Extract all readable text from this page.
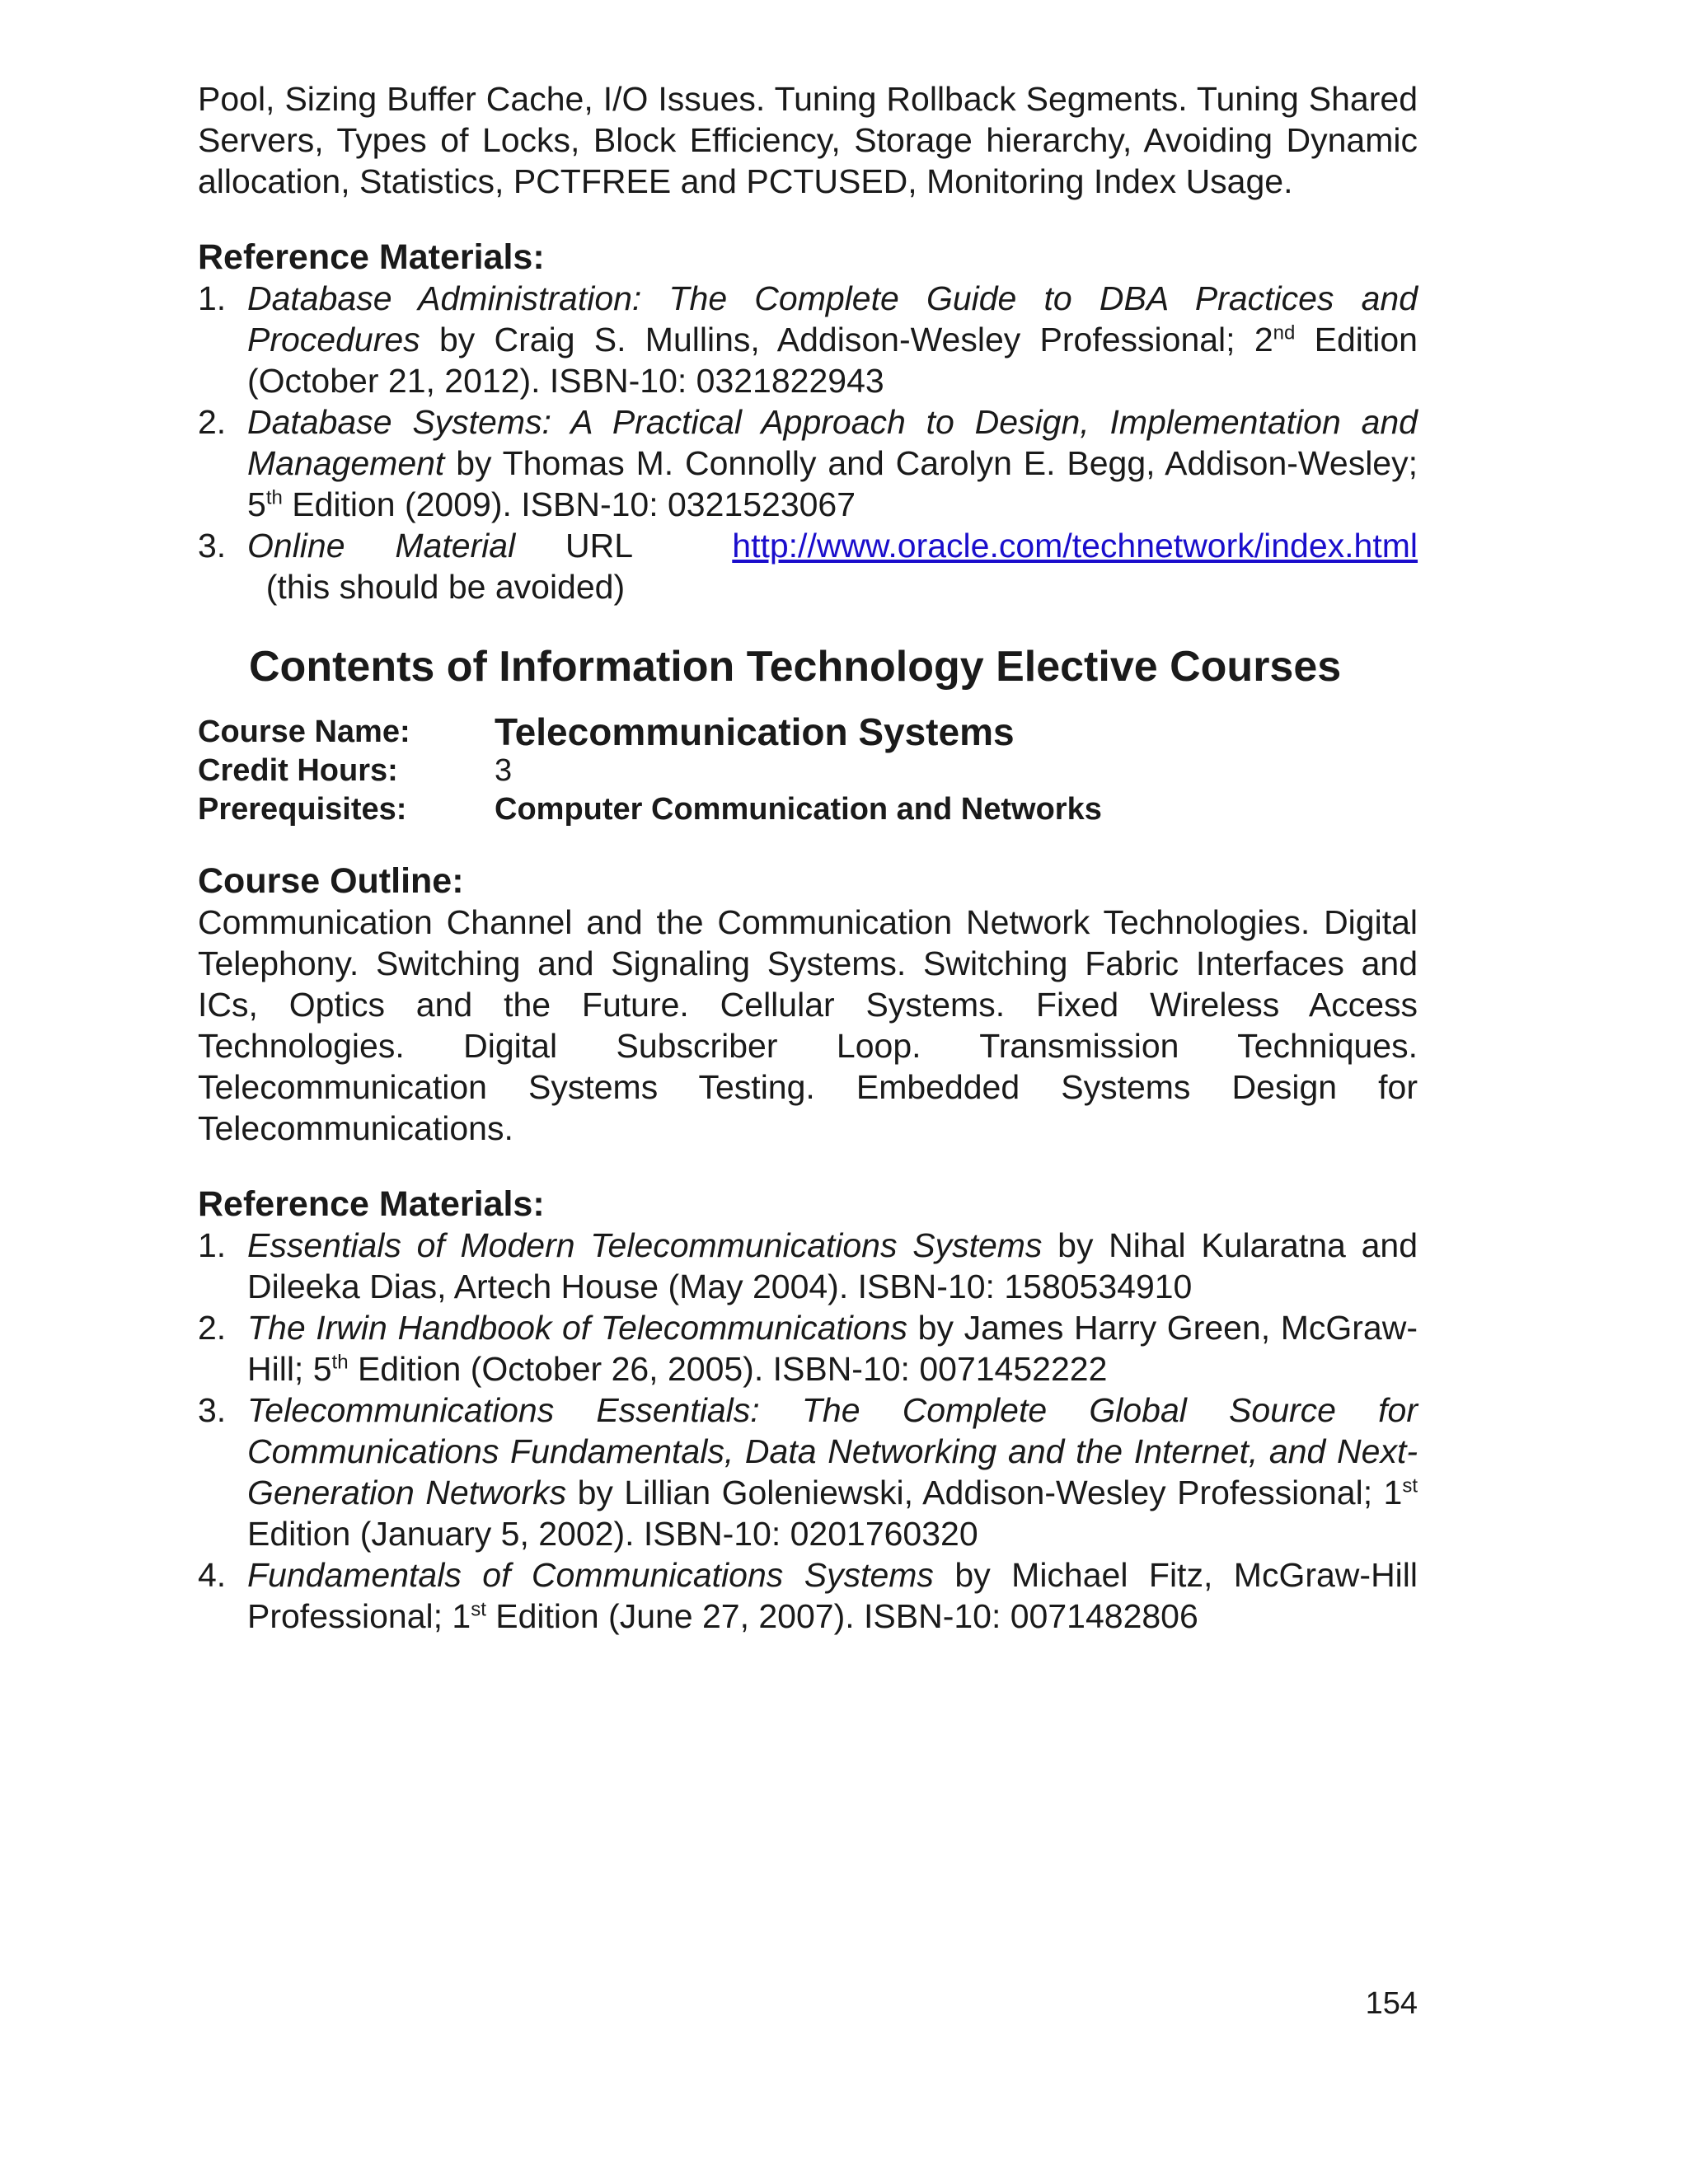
Pool, Sizing Buffer Cache, I/O Issues. Tuning Rollback Segments. Tuning Shared Servers, Types of Locks, Block Efficiency, Storage hierarchy, Avoiding Dynamic allocation, Statistics, PCTFREE and PCTUSED, Monitoring Index Usage.

Reference Materials:
1. Database Administration: The Complete Guide to DBA Practices and Procedures by Craig S. Mullins, Addison-Wesley Professional; 2nd Edition (October 21, 2012). ISBN-10: 0321822943
2. Database Systems: A Practical Approach to Design, Implementation and Management by Thomas M. Connolly and Carolyn E. Begg, Addison-Wesley; 5th Edition (2009). ISBN-10: 0321523067
3. Online Material URL  http://www.oracle.com/technetwork/index.html  (this should be avoided)
Contents of Information Technology Elective Courses
Course Name:	Telecommunication Systems
Credit Hours:	3
Prerequisites:	Computer Communication and Networks
Course Outline:

Communication Channel and the Communication Network Technologies. Digital Telephony. Switching and Signaling Systems. Switching Fabric Interfaces and ICs, Optics and the Future. Cellular Systems. Fixed Wireless Access Technologies. Digital Subscriber Loop. Transmission Techniques. Telecommunication Systems Testing. Embedded Systems Design for Telecommunications.

Reference Materials:
1. Essentials of Modern Telecommunications Systems by Nihal Kularatna and Dileeka Dias, Artech House (May 2004). ISBN-10: 1580534910
2. The Irwin Handbook of Telecommunications by James Harry Green, McGraw-Hill; 5th Edition (October 26, 2005). ISBN-10: 0071452222
3. Telecommunications Essentials: The Complete Global Source for Communications Fundamentals, Data Networking and the Internet, and Next-Generation Networks by Lillian Goleniewski, Addison-Wesley Professional; 1st Edition (January 5, 2002). ISBN-10: 0201760320
4. Fundamentals of Communications Systems by Michael Fitz, McGraw-Hill Professional; 1st Edition (June 27, 2007). ISBN-10: 0071482806
154
